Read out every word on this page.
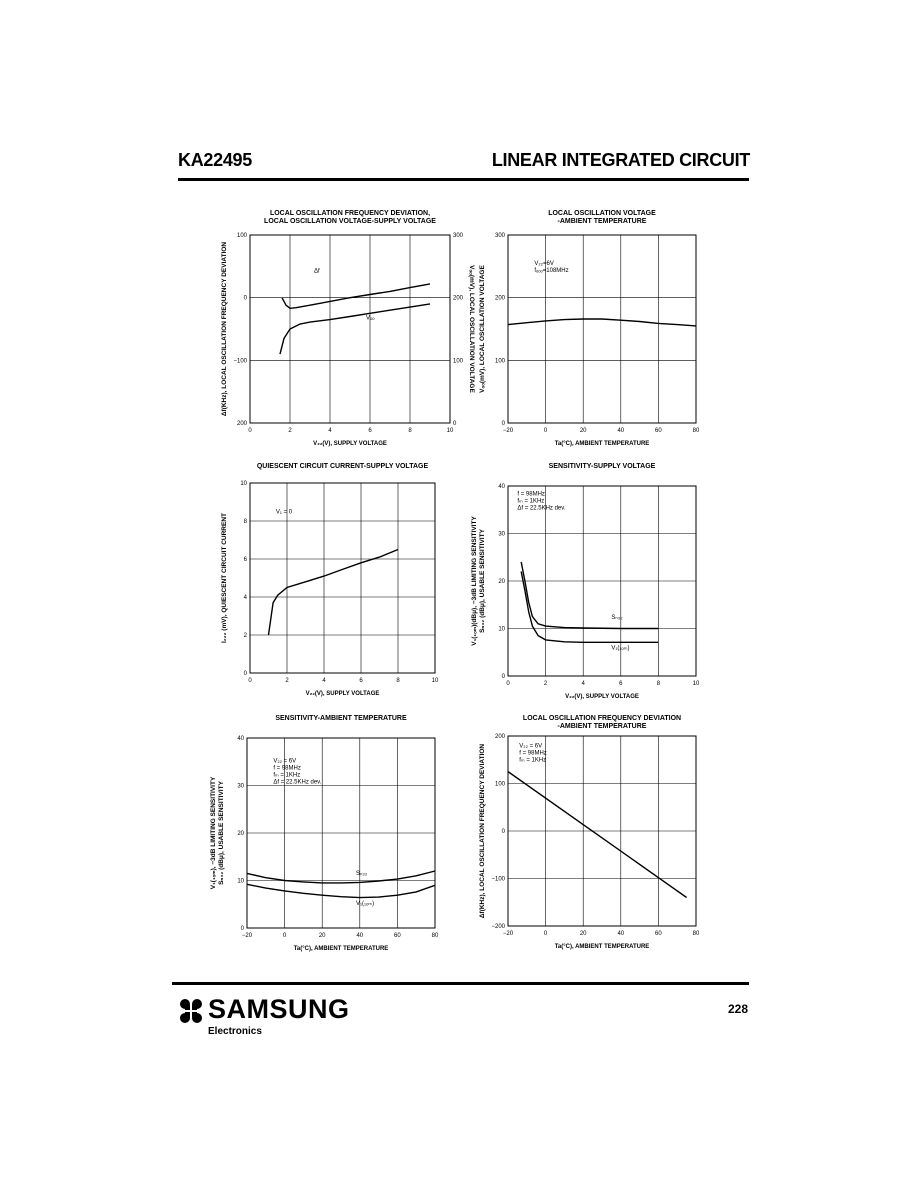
KA22495	LINEAR INTEGRATED CIRCUIT
LOCAL OSCILLATION FREQUENCY DEVIATION,
LOCAL OSCILLATION VOLTAGE-SUPPLY VOLTAGE
0	2	4	6	8	10
100
0
−100
200
300
200
100
0
Vₒₒ(mV), LOCAL OSCILLATION VOLTAGE
V₂₂(V), SUPPLY VOLTAGE
Δf(KHz), LOCAL OSCILLATION FREQUENCY DEVIATION	Δf
Vₒₒ
LOCAL OSCILLATION VOLTAGE
-AMBIENT TEMPERATURE
−20	0	20	40	60	80
300
200
100
0
Ta(°C), AMBIENT TEMPERATURE
Vₒₒ(mV), LOCAL OSCILLATION VOLTAGE
V₂₂=6V
fₒₒₒ=108MHz
QUIESCENT CIRCUIT CURRENT-SUPPLY VOLTAGE
0	2	4	6	8	10
10
8
6
4
2
0
V₂₂(V), SUPPLY VOLTAGE
I₂₂₂ (mV), QUIESCENT CIRCUIT CURRENT
V₁ = 0
SENSITIVITY-SUPPLY VOLTAGE
0	2	4	6	8	10
40
30
20
10
0
V₂₂(V), SUPPLY VOLTAGE
V₁(₁ₒₘ)(dBμ), −3dB LIMITING SENSITIVITY Sₙ₃₂ (dBμ), USABLE SENSITIVITY	Sₙ₃₂
V₁(₁ₒₘ)
f = 98MHz
fₘ = 1KHz
Δf = 22.5KHz dev.
SENSITIVITY-AMBIENT TEMPERATURE
−20	0	20	40	60	80
40
30
20
10
0
Ta(°C), AMBIENT TEMPERATURE
V₁(₁ₒₘ), −3dB LIMITING SENSITIVITY Sₙ₃₂ (dBμ), USABLE SENSITIVITY	Sₙ₃₂
V₁(₁ₒₘ)
V₂₂ = 6V
f = 98MHz
fₘ = 1KHz
Δf = 22.5KHz dev.
LOCAL OSCILLATION FREQUENCY DEVIATION
-AMBIENT TEMPERATURE
−20	0	20	40	60	80
200
100
0
−100
−200
Ta(°C), AMBIENT TEMPERATURE
Δf(KHz), LOCAL OSCILLATION FREQUENCY DEVIATION	V₂₂ = 6V
f = 98MHz
fₘ = 1KHz
SAMSUNG
Electronics
228
